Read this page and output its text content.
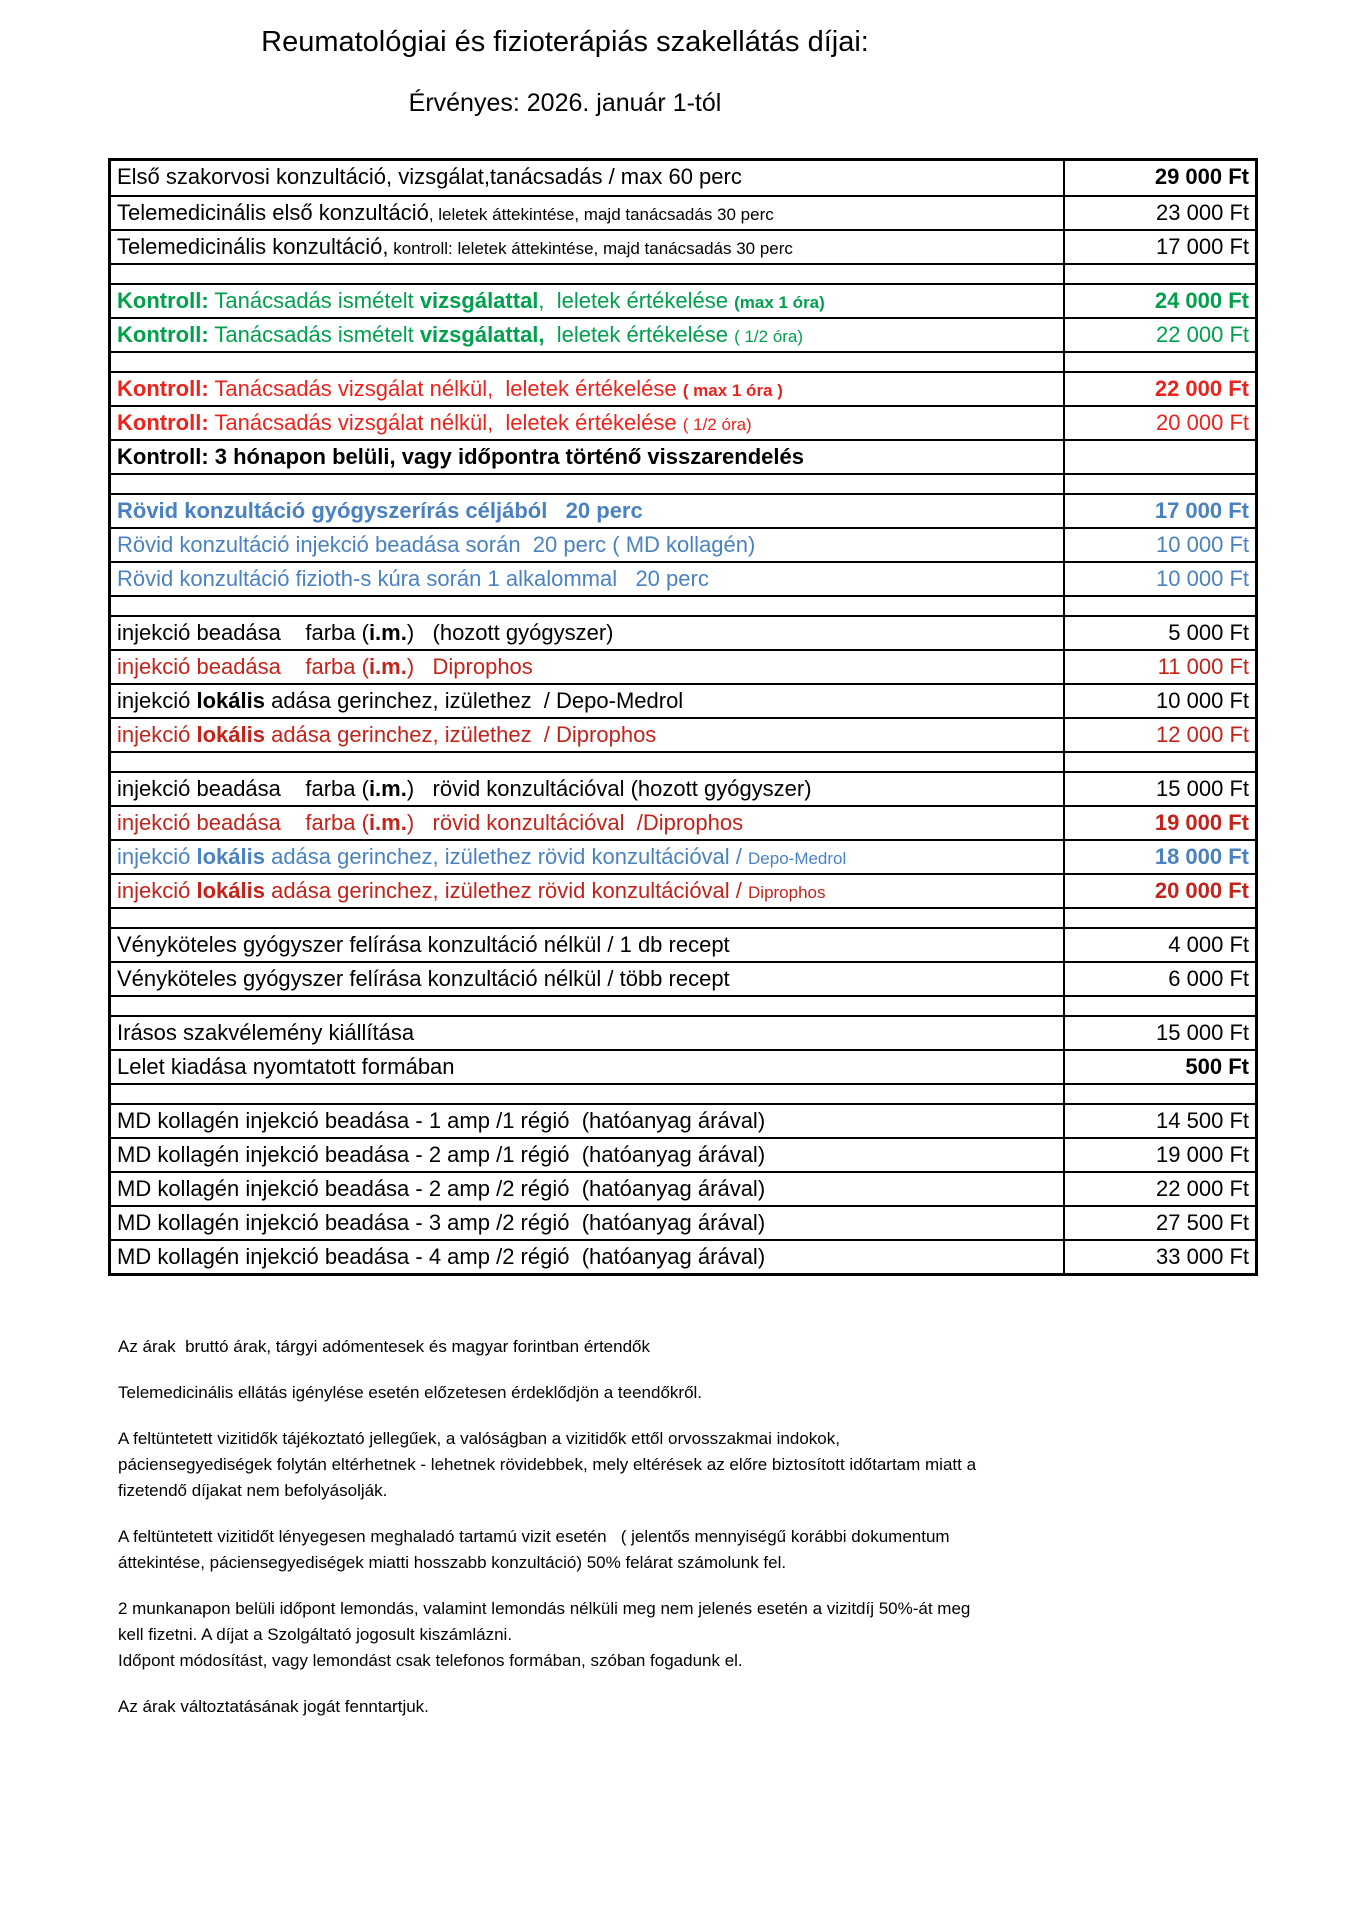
Reumatológiai és fizioterápiás szakellátás díjai:
Érvényes: 2026. január 1-tól
Első szakorvosi konzultáció, vizsgálat,tanácsadás / max 60 perc	29 000 Ft
Telemedicinális első konzultáció, leletek áttekintése, majd tanácsadás 30 perc	23 000 Ft
Telemedicinális konzultáció, kontroll: leletek áttekintése, majd tanácsadás 30 perc	17 000 Ft
Kontroll: Tanácsadás ismételt vizsgálattal,  leletek értékelése (max 1 óra)	24 000 Ft
Kontroll: Tanácsadás ismételt vizsgálattal,  leletek értékelése ( 1/2 óra)	22 000 Ft
Kontroll: Tanácsadás vizsgálat nélkül,  leletek értékelése ( max 1 óra )	22 000 Ft
Kontroll: Tanácsadás vizsgálat nélkül,  leletek értékelése ( 1/2 óra)	20 000 Ft
Kontroll: 3 hónapon belüli, vagy időpontra történő visszarendelés
Rövid konzultáció gyógyszerírás céljából   20 perc	17 000 Ft
Rövid konzultáció injekció beadása során  20 perc ( MD kollagén)	10 000 Ft
Rövid konzultáció fizioth-s kúra során 1 alkalommal   20 perc	10 000 Ft
injekció beadása    farba (i.m.)   (hozott gyógyszer)	5 000 Ft
injekció beadása    farba (i.m.)   Diprophos	11 000 Ft
injekció lokális adása gerinchez, izülethez  / Depo-Medrol	10 000 Ft
injekció lokális adása gerinchez, izülethez  / Diprophos	12 000 Ft
injekció beadása    farba (i.m.)   rövid konzultációval (hozott gyógyszer)	15 000 Ft
injekció beadása    farba (i.m.)   rövid konzultációval  /Diprophos	19 000 Ft
injekció lokális adása gerinchez, izülethez rövid konzultációval / Depo-Medrol	18 000 Ft
injekció lokális adása gerinchez, izülethez rövid konzultációval / Diprophos	20 000 Ft
Vényköteles gyógyszer felírása konzultáció nélkül / 1 db recept	4 000 Ft
Vényköteles gyógyszer felírása konzultáció nélkül / több recept	6 000 Ft
Irásos szakvélemény kiállítása	15 000 Ft
Lelet kiadása nyomtatott formában	500 Ft
MD kollagén injekció beadása - 1 amp /1 régió  (hatóanyag árával)	14 500 Ft
MD kollagén injekció beadása - 2 amp /1 régió  (hatóanyag árával)	19 000 Ft
MD kollagén injekció beadása - 2 amp /2 régió  (hatóanyag árával)	22 000 Ft
MD kollagén injekció beadása - 3 amp /2 régió  (hatóanyag árával)	27 500 Ft
MD kollagén injekció beadása - 4 amp /2 régió  (hatóanyag árával)	33 000 Ft
Az árak  bruttó árak, tárgyi adómentesek és magyar forintban értendők
Telemedicinális ellátás igénylése esetén előzetesen érdeklődjön a teendőkről.
A feltüntetett vizitidők tájékoztató jellegűek, a valóságban a vizitidők ettől orvosszakmai indokok, páciensegyediségek folytán eltérhetnek - lehetnek rövidebbek, mely eltérések az előre biztosított időtartam miatt a  fizetendő díjakat nem befolyásolják.
A feltüntetett vizitidőt lényegesen meghaladó tartamú vizit esetén   ( jelentős mennyiségű korábbi dokumentum áttekintése, páciensegyediségek miatti hosszabb konzultáció) 50% felárat számolunk fel.
2 munkanapon belüli időpont lemondás, valamint lemondás nélküli meg nem jelenés esetén a vizitdíj 50%-át meg kell fizetni. A díjat a Szolgáltató jogosult kiszámlázni.
Időpont módosítást, vagy lemondást csak telefonos formában, szóban fogadunk el.
Az árak változtatásának jogát fenntartjuk.
